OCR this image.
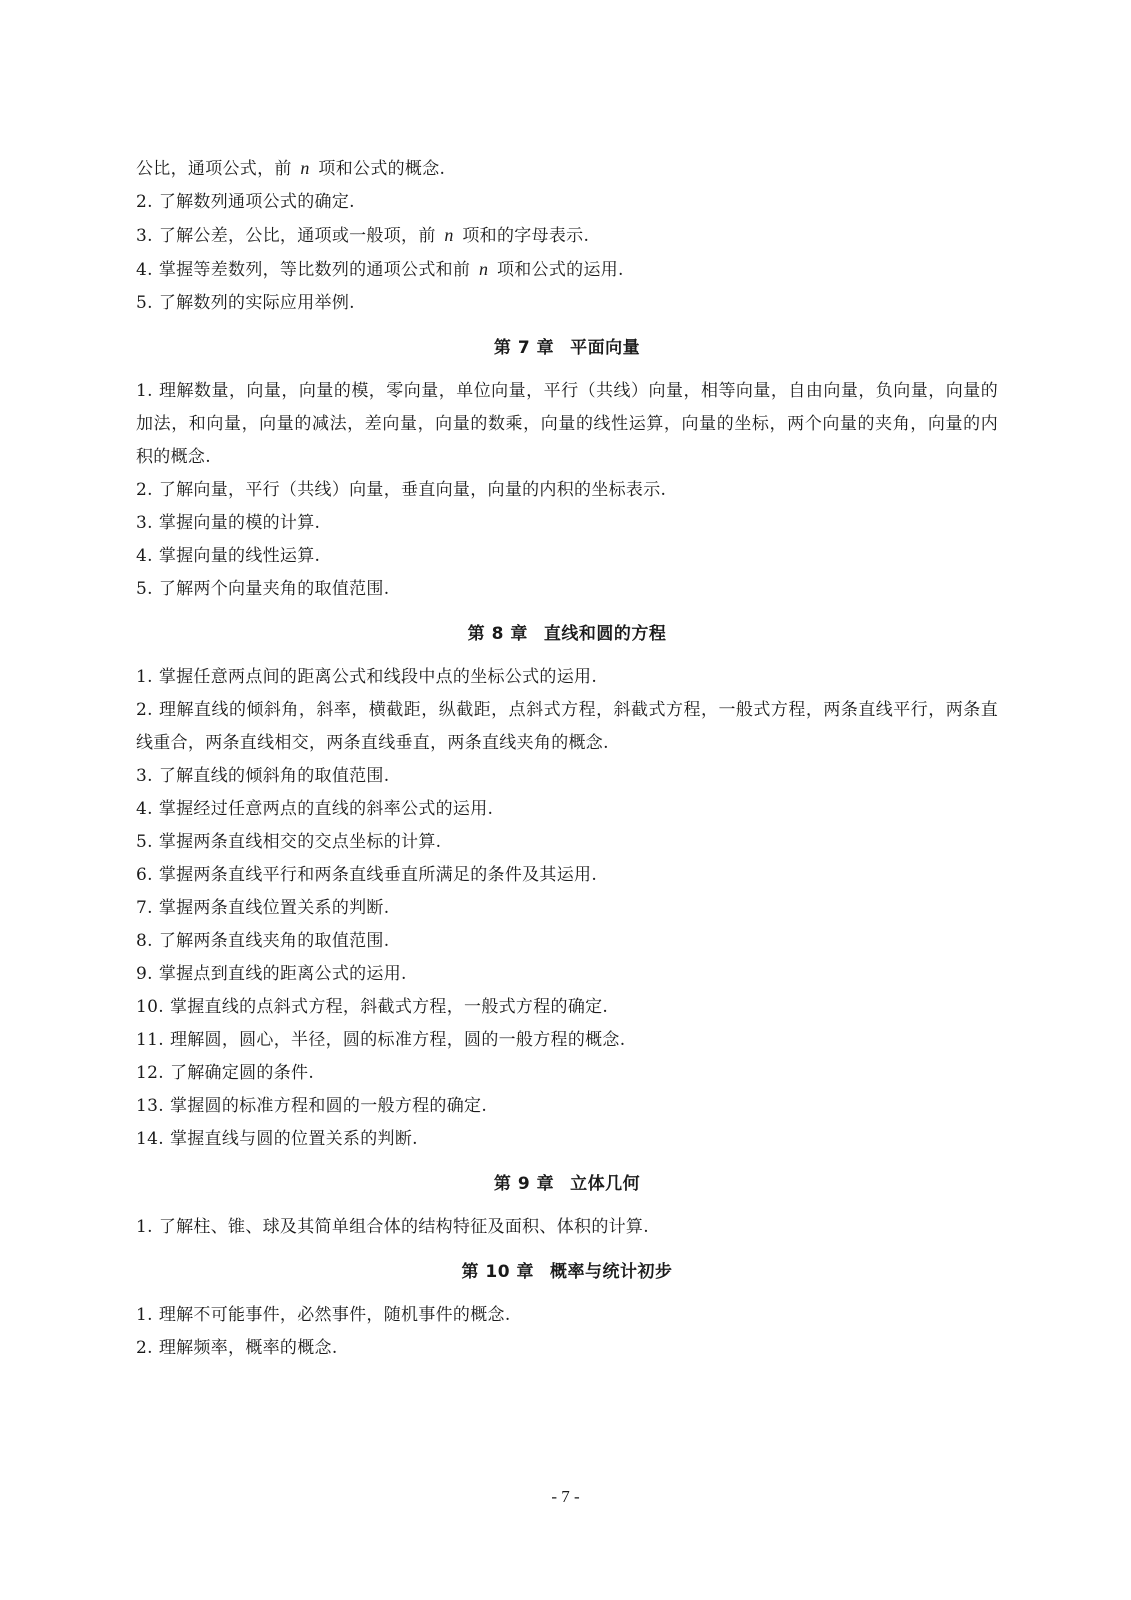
公比，通项公式，前 n 项和公式的概念.

2. 了解数列通项公式的确定.

3. 了解公差，公比，通项或一般项，前 n 项和的字母表示.

4. 掌握等差数列，等比数列的通项公式和前 n 项和公式的运用.

5. 了解数列的实际应用举例.

第 7 章 平面向量

1. 理解数量，向量，向量的模，零向量，单位向量，平行（共线）向量，相等向量，自由向量，负向量，向量的加法，和向量，向量的减法，差向量，向量的数乘，向量的线性运算，向量的坐标，两个向量的夹角，向量的内积的概念.

2. 了解向量，平行（共线）向量，垂直向量，向量的内积的坐标表示.

3. 掌握向量的模的计算.

4. 掌握向量的线性运算.

5. 了解两个向量夹角的取值范围.

第 8 章 直线和圆的方程

1. 掌握任意两点间的距离公式和线段中点的坐标公式的运用.

2. 理解直线的倾斜角，斜率，横截距，纵截距，点斜式方程，斜截式方程，一般式方程，两条直线平行，两条直线重合，两条直线相交，两条直线垂直，两条直线夹角的概念.

3. 了解直线的倾斜角的取值范围.

4. 掌握经过任意两点的直线的斜率公式的运用.

5. 掌握两条直线相交的交点坐标的计算.

6. 掌握两条直线平行和两条直线垂直所满足的条件及其运用.

7. 掌握两条直线位置关系的判断.

8. 了解两条直线夹角的取值范围.

9. 掌握点到直线的距离公式的运用.

10. 掌握直线的点斜式方程，斜截式方程，一般式方程的确定.

11. 理解圆，圆心，半径，圆的标准方程，圆的一般方程的概念.

12. 了解确定圆的条件.

13. 掌握圆的标准方程和圆的一般方程的确定.

14. 掌握直线与圆的位置关系的判断.

第 9 章 立体几何

1. 了解柱、锥、球及其简单组合体的结构特征及面积、体积的计算.

第 10 章 概率与统计初步

1. 理解不可能事件，必然事件，随机事件的概念.

2. 理解频率，概率的概念.

- 7 -
